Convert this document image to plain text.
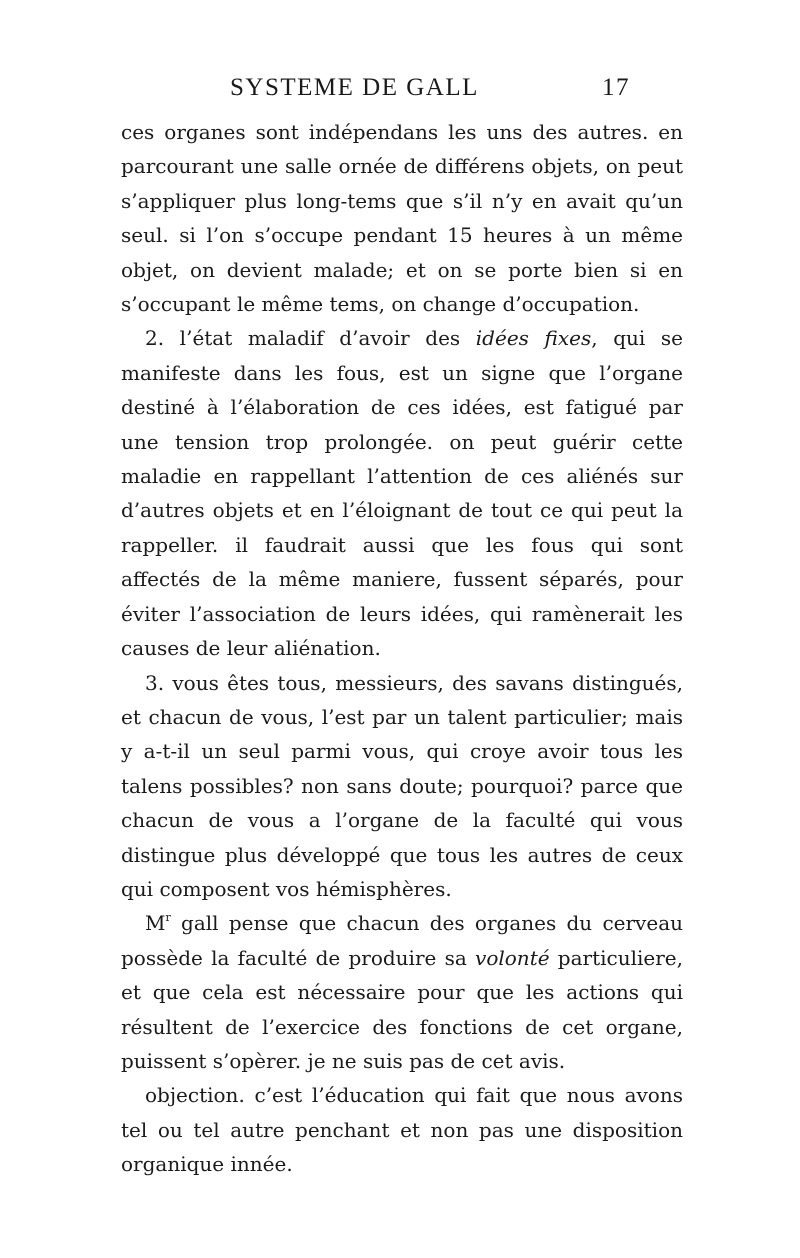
SYSTEME DE GALL	17

ces organes sont indépendans les uns des autres. en parcourant une salle ornée de différens objets, on peut s’appliquer plus long-tems que s’il n’y en avait qu’un seul. si l’on s’occupe pendant 15 heures à un même objet, on devient malade; et on se porte bien si en s’occupant le même tems, on change d’occupation.

2. l’état maladif d’avoir des idées fixes, qui se manifeste dans les fous, est un signe que l’organe destiné à l’élaboration de ces idées, est fatigué par une tension trop prolongée. on peut guérir cette maladie en rappellant l’attention de ces aliénés sur d’autres objets et en l’éloignant de tout ce qui peut la rappeller. il faudrait aussi que les fous qui sont affectés de la même maniere, fussent séparés, pour éviter l’association de leurs idées, qui ramènerait les causes de leur aliénation.

3. vous êtes tous, messieurs, des savans distingués, et chacun de vous, l’est par un talent particulier; mais y a-t-il un seul parmi vous, qui croye avoir tous les talens possibles? non sans doute; pourquoi? parce que chacun de vous a l’organe de la faculté qui vous distingue plus développé que tous les autres de ceux qui composent vos hémisphères.

$M^r$ gall pense que chacun des organes du cerveau possède la faculté de produire sa volonté particuliere, et que cela est nécessaire pour que les actions qui résultent de l’exercice des fonctions de cet organe, puissent s’opèrer. je ne suis pas de cet avis.

objection. c’est l’éducation qui fait que nous avons tel ou tel autre penchant et non pas une disposition organique innée.
